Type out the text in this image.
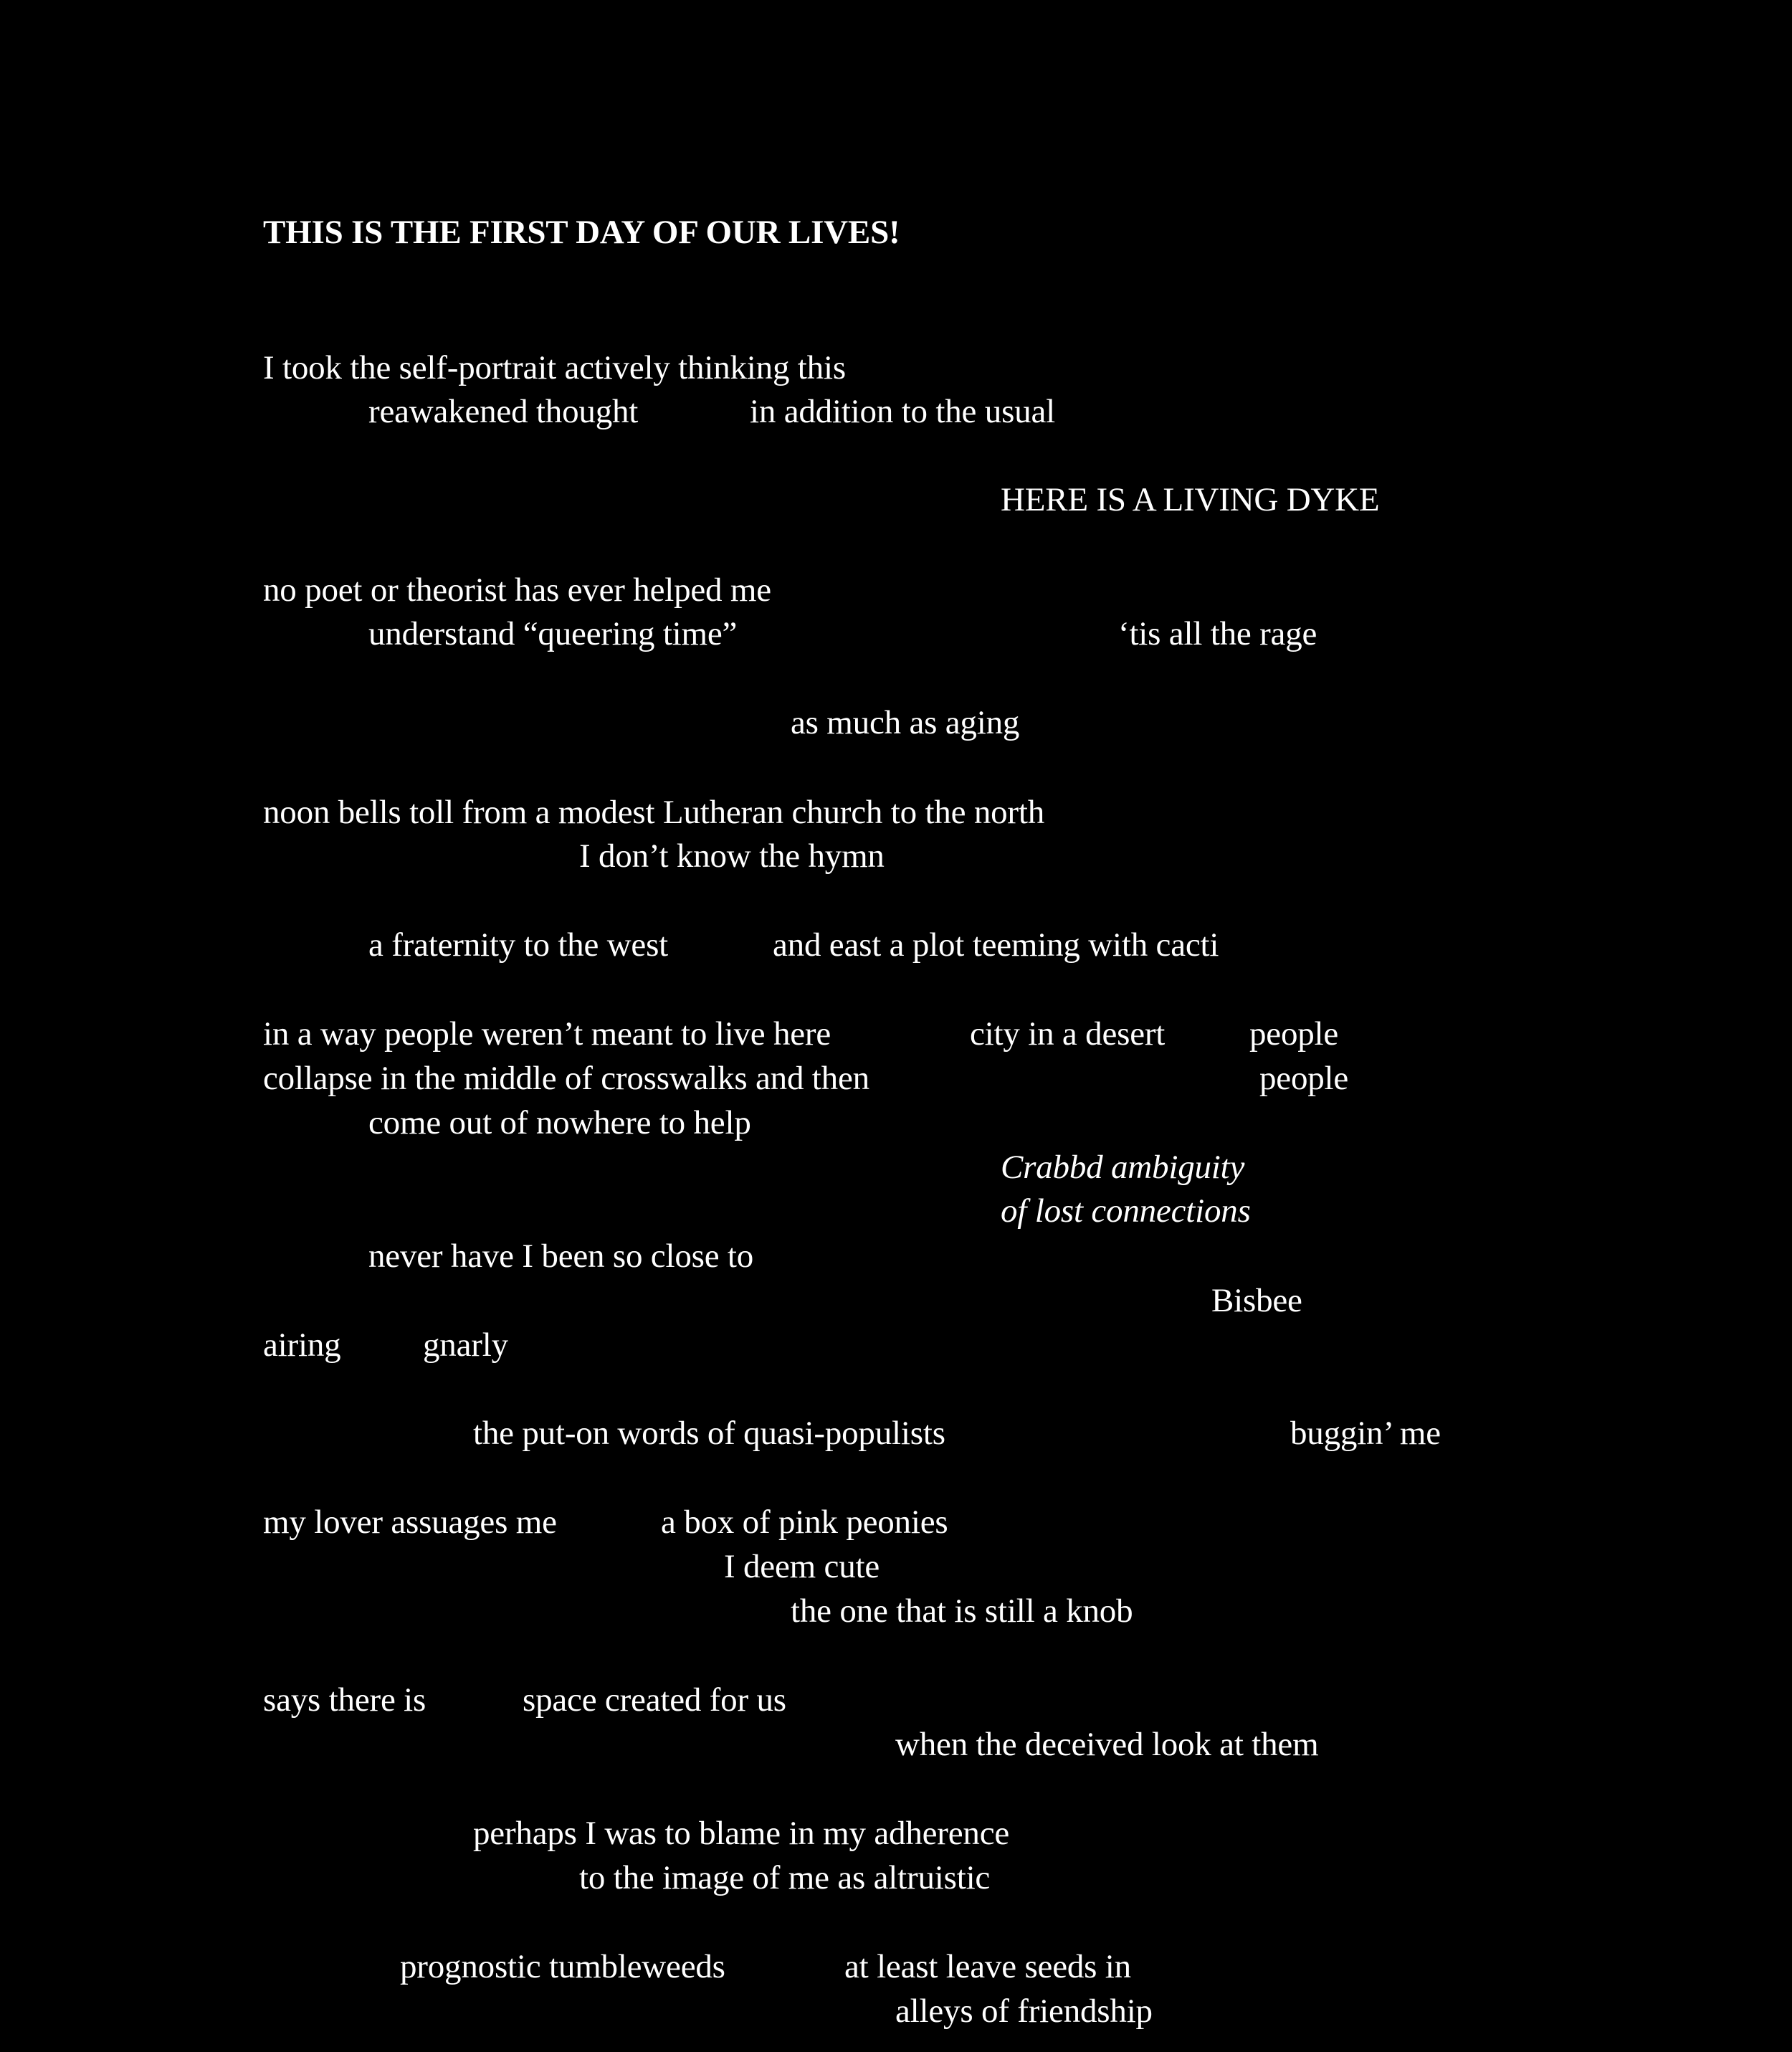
THIS IS THE FIRST DAY OF OUR LIVES!
I took the self-portrait actively thinking this
reawakened thought	in addition to the usual
HERE IS A LIVING DYKE
no poet or theorist has ever helped me
understand “queering time”	‘tis all the rage
as much as aging
noon bells toll from a modest Lutheran church to the north
I don’t know the hymn
a fraternity to the west	and east a plot teeming with cacti
in a way people weren’t meant to live here	city in a desert	people
collapse in the middle of crosswalks and then	people
come out of nowhere to help
Crabbd ambiguity
of lost connections
never have I been so close to
Bisbee
airing gnarly
the put-on words of quasi-populists	buggin’ me
my lover assuages me	a box of pink peonies
I deem cute
the one that is still a knob
says there is	space created for us
when the deceived look at them
perhaps I was to blame in my adherence
to the image of me as altruistic
prognostic tumbleweeds	at least leave seeds in
alleys of friendship
